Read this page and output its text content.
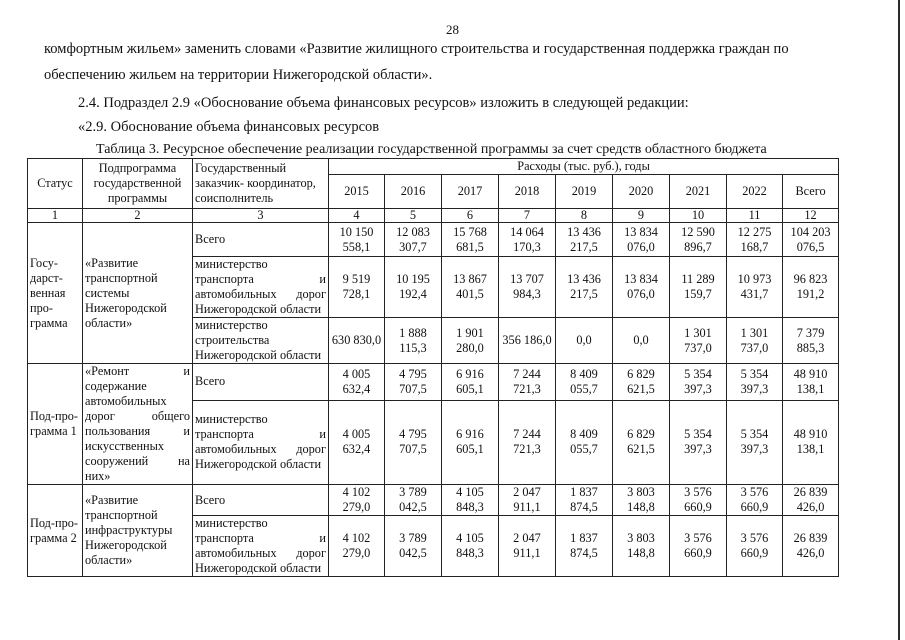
28
комфортным жильем» заменить словами «Развитие жилищного строительства и государственная поддержка граждан по
обеспечению жильем на территории Нижегородской области».
2.4. Подраздел 2.9 «Обоснование объема финансовых ресурсов» изложить в следующей редакции:
«2.9. Обоснование объема финансовых ресурсов
Таблица 3. Ресурсное обеспечение реализации государственной программы за счет средств областного бюджета
Статус	Подпрограмма государственной программы	Государственный заказчик- координатор, соисполнитель	Расходы (тыс. руб.), годы								
			2015	2016	2017	2018	2019	2020	2021	2022	Всего
1	2	3	4	5	6	7	8	9	10	11	12
Госу-дарст-венная про-грамма	«Развитие транспортной системы Нижегородской области»	Всего	10 150 558,1	12 083 307,7	15 768 681,5	14 064 170,3	13 436 217,5	13 834 076,0	12 590 896,7	12 275 168,7	104 203 076,5
		министерство транспорта и автомобильных дорог Нижегородской области	9 519 728,1	10 195 192,4	13 867 401,5	13 707 984,3	13 436 217,5	13 834 076,0	11 289 159,7	10 973 431,7	96 823 191,2
		министерство строительства Нижегородской области	630 830,0	1 888 115,3	1 901 280,0	356 186,0	0,0	0,0	1 301 737,0	1 301 737,0	7 379 885,3
Под-про-грамма 1	«Ремонт и содержание автомобильных дорог общего пользования и искусственных сооружений на них»	Всего	4 005 632,4	4 795 707,5	6 916 605,1	7 244 721,3	8 409 055,7	6 829 621,5	5 354 397,3	5 354 397,3	48 910 138,1
		министерство транспорта и автомобильных дорог Нижегородской области	4 005 632,4	4 795 707,5	6 916 605,1	7 244 721,3	8 409 055,7	6 829 621,5	5 354 397,3	5 354 397,3	48 910 138,1
Под-про-грамма 2	«Развитие транспортной инфраструктуры Нижегородской области»	Всего	4 102 279,0	3 789 042,5	4 105 848,3	2 047 911,1	1 837 874,5	3 803 148,8	3 576 660,9	3 576 660,9	26 839 426,0
		министерство транспорта и автомобильных дорог Нижегородской области	4 102 279,0	3 789 042,5	4 105 848,3	2 047 911,1	1 837 874,5	3 803 148,8	3 576 660,9	3 576 660,9	26 839 426,0
